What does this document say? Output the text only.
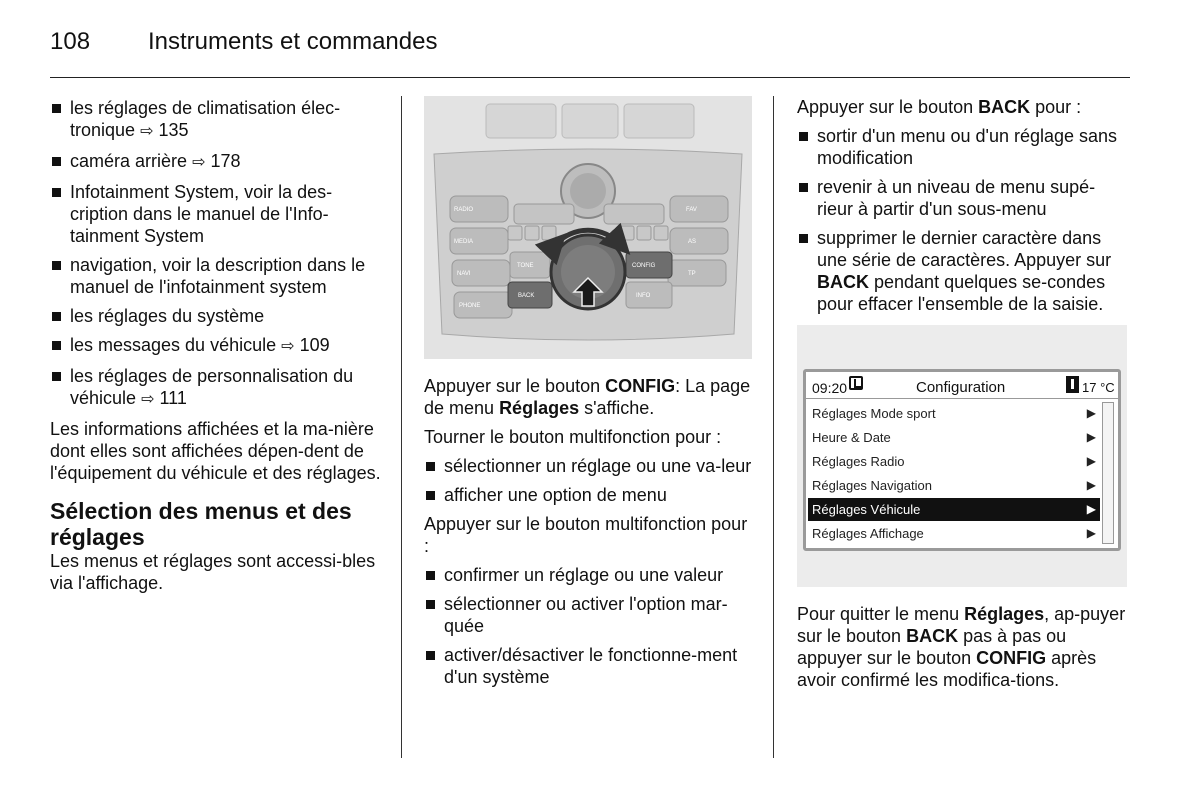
108 Instruments et commandes
les réglages de climatisation élec-tronique ⇨ 135
caméra arrière ⇨ 178
Infotainment System, voir la des-cription dans le manuel de l'Info-tainment System
navigation, voir la description dans le manuel de l'infotainment system
les réglages du système
les messages du véhicule ⇨ 109
les réglages de personnalisation du véhicule ⇨ 111

Les informations affichées et la ma-nière dont elles sont affichées dépen-dent de l'équipement du véhicule et des réglages.

Sélection des menus et des réglages

Les menus et réglages sont accessi-bles via l'affichage.

RADIO
MEDIA
NAVI
PHONE
TONE
BACK
CONFIG
INFO
FAV
AS
TP

Appuyer sur le bouton CONFIG: La page de menu Réglages s'affiche.

Tourner le bouton multifonction pour :

sélectionner un réglage ou une va-leur
afficher une option de menu

Appuyer sur le bouton multifonction pour :

confirmer un réglage ou une valeur
sélectionner ou activer l'option mar-quée
activer/désactiver le fonctionne-ment d'un système

Appuyer sur le bouton BACK pour :

sortir d'un menu ou d'un réglage sans modification
revenir à un niveau de menu supé-rieur à partir d'un sous-menu
supprimer le dernier caractère dans une série de caractères. Appuyer sur BACK pendant quelques se-condes pour effacer l'ensemble de la saisie.
09:20	Configuration	17 °C
Réglages Mode sport	▶
Heure & Date	▶
Réglages Radio	▶
Réglages Navigation	▶
Réglages Véhicule	▶
Réglages Affichage	▶

Pour quitter le menu Réglages, ap-puyer sur le bouton BACK pas à pas ou appuyer sur le bouton CONFIG après avoir confirmé les modifica-tions.
